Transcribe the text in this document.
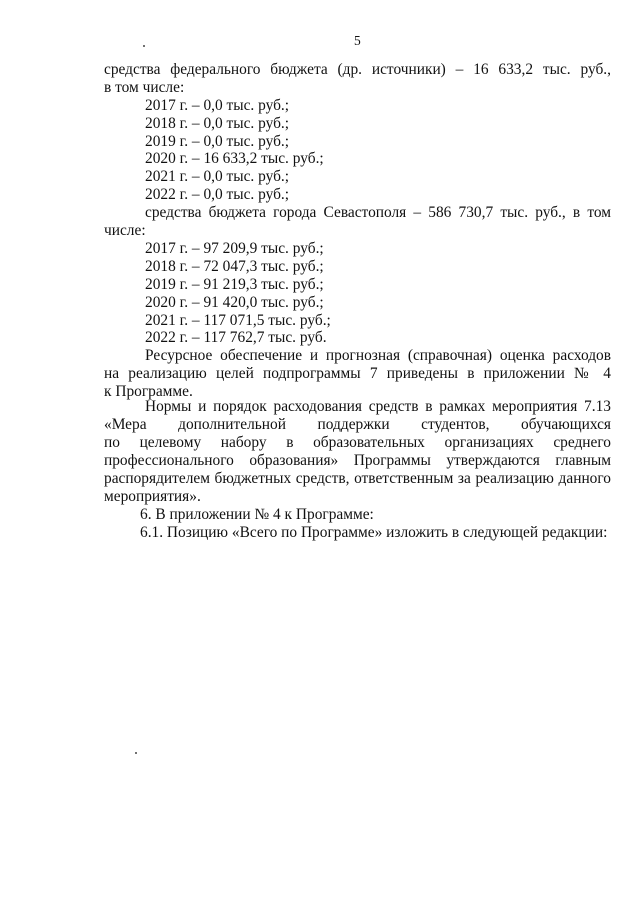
5
средства федерального бюджета (др. источники) – 16 633,2 тыс. руб.,
в том числе:
2017 г. – 0,0 тыс. руб.;
2018 г. – 0,0 тыс. руб.;
2019 г. – 0,0 тыс. руб.;
2020 г. – 16 633,2 тыс. руб.;
2021 г. – 0,0 тыс. руб.;
2022 г. – 0,0 тыс. руб.;
средства бюджета города Севастополя – 586 730,7 тыс. руб., в том
числе:
2017 г. – 97 209,9 тыс. руб.;
2018 г. – 72 047,3 тыс. руб.;
2019 г. – 91 219,3 тыс. руб.;
2020 г. – 91 420,0 тыс. руб.;
2021 г. – 117 071,5 тыс. руб.;
2022 г. – 117 762,7 тыс. руб.
Ресурсное обеспечение и прогнозная (справочная) оценка расходов
на реализацию целей подпрограммы 7 приведены в приложении № 4
к Программе.
Нормы и порядок расходования средств в рамках мероприятия 7.13
«Мера дополнительной поддержки студентов, обучающихся
по целевому набору в образовательных организациях среднего
профессионального образования» Программы утверждаются главным
распорядителем бюджетных средств, ответственным за реализацию данного
мероприятия».
6. В приложении № 4 к Программе:
6.1. Позицию «Всего по Программе» изложить в следующей редакции:
